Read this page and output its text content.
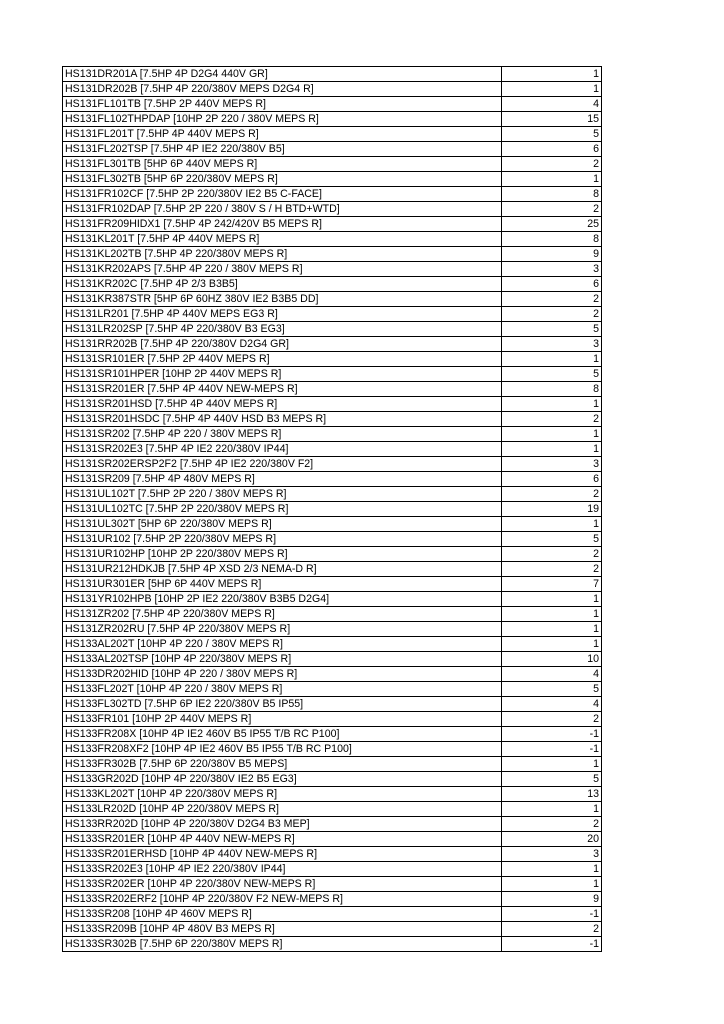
HS131DR201A [7.5HP 4P D2G4 440V GR]	1
HS131DR202B [7.5HP 4P 220/380V MEPS D2G4 R]	1
HS131FL101TB [7.5HP 2P 440V MEPS R]	4
HS131FL102THPDAP [10HP 2P 220 / 380V MEPS R]	15
HS131FL201T [7.5HP 4P 440V MEPS R]	5
HS131FL202TSP [7.5HP 4P IE2 220/380V B5]	6
HS131FL301TB [5HP 6P 440V MEPS R]	2
HS131FL302TB [5HP 6P 220/380V MEPS R]	1
HS131FR102CF [7.5HP 2P 220/380V IE2 B5 C-FACE]	8
HS131FR102DAP [7.5HP 2P 220 / 380V S / H BTD+WTD]	2
HS131FR209HIDX1 [7.5HP 4P 242/420V B5 MEPS R]	25
HS131KL201T [7.5HP 4P 440V MEPS R]	8
HS131KL202TB [7.5HP 4P 220/380V MEPS R]	9
HS131KR202APS [7.5HP 4P 220 / 380V MEPS R]	3
HS131KR202C [7.5HP 4P 2/3 B3B5]	6
HS131KR387STR [5HP 6P 60HZ 380V IE2 B3B5 DD]	2
HS131LR201 [7.5HP 4P 440V MEPS EG3 R]	2
HS131LR202SP [7.5HP 4P 220/380V B3 EG3]	5
HS131RR202B [7.5HP 4P 220/380V D2G4 GR]	3
HS131SR101ER [7.5HP 2P 440V MEPS R]	1
HS131SR101HPER [10HP 2P 440V MEPS R]	5
HS131SR201ER [7.5HP 4P 440V NEW-MEPS R]	8
HS131SR201HSD [7.5HP 4P 440V MEPS R]	1
HS131SR201HSDC [7.5HP 4P 440V HSD B3 MEPS R]	2
HS131SR202 [7.5HP 4P 220 / 380V MEPS R]	1
HS131SR202E3 [7.5HP 4P IE2 220/380V IP44]	1
HS131SR202ERSP2F2 [7.5HP 4P IE2 220/380V F2]	3
HS131SR209 [7.5HP 4P 480V MEPS R]	6
HS131UL102T [7.5HP 2P 220 / 380V MEPS R]	2
HS131UL102TC [7.5HP 2P 220/380V MEPS R]	19
HS131UL302T [5HP 6P 220/380V MEPS R]	1
HS131UR102 [7.5HP 2P 220/380V MEPS R]	5
HS131UR102HP [10HP 2P 220/380V MEPS R]	2
HS131UR212HDKJB [7.5HP 4P XSD 2/3 NEMA-D R]	2
HS131UR301ER [5HP 6P 440V MEPS R]	7
HS131YR102HPB [10HP 2P IE2 220/380V B3B5 D2G4]	1
HS131ZR202 [7.5HP 4P 220/380V MEPS R]	1
HS131ZR202RU [7.5HP 4P 220/380V MEPS R]	1
HS133AL202T [10HP 4P 220 / 380V MEPS R]	1
HS133AL202TSP [10HP 4P 220/380V MEPS R]	10
HS133DR202HID [10HP 4P 220 / 380V MEPS R]	4
HS133FL202T [10HP 4P 220 / 380V MEPS R]	5
HS133FL302TD [7.5HP 6P IE2 220/380V B5 IP55]	4
HS133FR101 [10HP 2P 440V MEPS R]	2
HS133FR208X [10HP 4P IE2 460V B5 IP55 T/B RC P100]	-1
HS133FR208XF2 [10HP 4P IE2 460V B5 IP55 T/B RC P100]	-1
HS133FR302B [7.5HP 6P 220/380V B5 MEPS]	1
HS133GR202D [10HP 4P 220/380V IE2 B5 EG3]	5
HS133KL202T [10HP 4P 220/380V MEPS R]	13
HS133LR202D [10HP 4P 220/380V MEPS R]	1
HS133RR202D [10HP 4P 220/380V D2G4 B3 MEP]	2
HS133SR201ER [10HP 4P 440V NEW-MEPS R]	20
HS133SR201ERHSD [10HP 4P 440V NEW-MEPS R]	3
HS133SR202E3 [10HP 4P IE2 220/380V IP44]	1
HS133SR202ER [10HP 4P 220/380V NEW-MEPS R]	1
HS133SR202ERF2 [10HP 4P 220/380V F2 NEW-MEPS R]	9
HS133SR208 [10HP 4P 460V MEPS R]	-1
HS133SR209B [10HP 4P 480V B3 MEPS R]	2
HS133SR302B [7.5HP 6P 220/380V MEPS R]	-1
